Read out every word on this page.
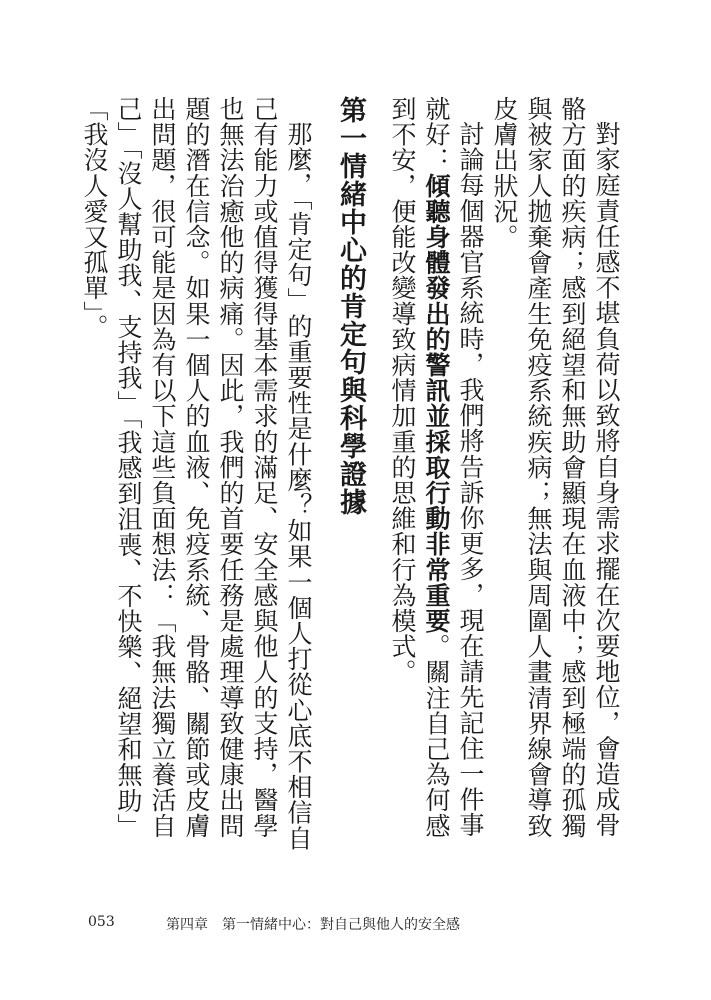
對家庭責任感不堪負荷以致將自身需求擺在次要地位，會造成骨骼方面的疾病；感到絕望和無助會顯現在血液中；感到極端的孤獨與被家人拋棄會產生免疫系統疾病；無法與周圍人畫清界線會導致皮膚出狀況。

討論每個器官系統時，我們將告訴你更多，現在請先記住一件事就好：傾聽身體發出的警訊並採取行動非常重要。關注自己為何感到不安，便能改變導致病情加重的思維和行為模式。

第一情緒中心的肯定句與科學證據

那麼，「肯定句」的重要性是什麼？如果一個人打從心底不相信自己有能力或值得獲得基本需求的滿足、安全感與他人的支持，醫學也無法治癒他的病痛。因此，我們的首要任務是處理導致健康出問題的潛在信念。如果一個人的血液、免疫系統、骨骼、關節或皮膚出問題，很可能是因為有以下這些負面想法：「我無法獨立養活自己」「沒人幫助我、支持我」「我感到沮喪、不快樂、絕望和無助」「我沒人愛又孤單」。

053	第四章　第一情緒中心：對自己與他人的安全感
